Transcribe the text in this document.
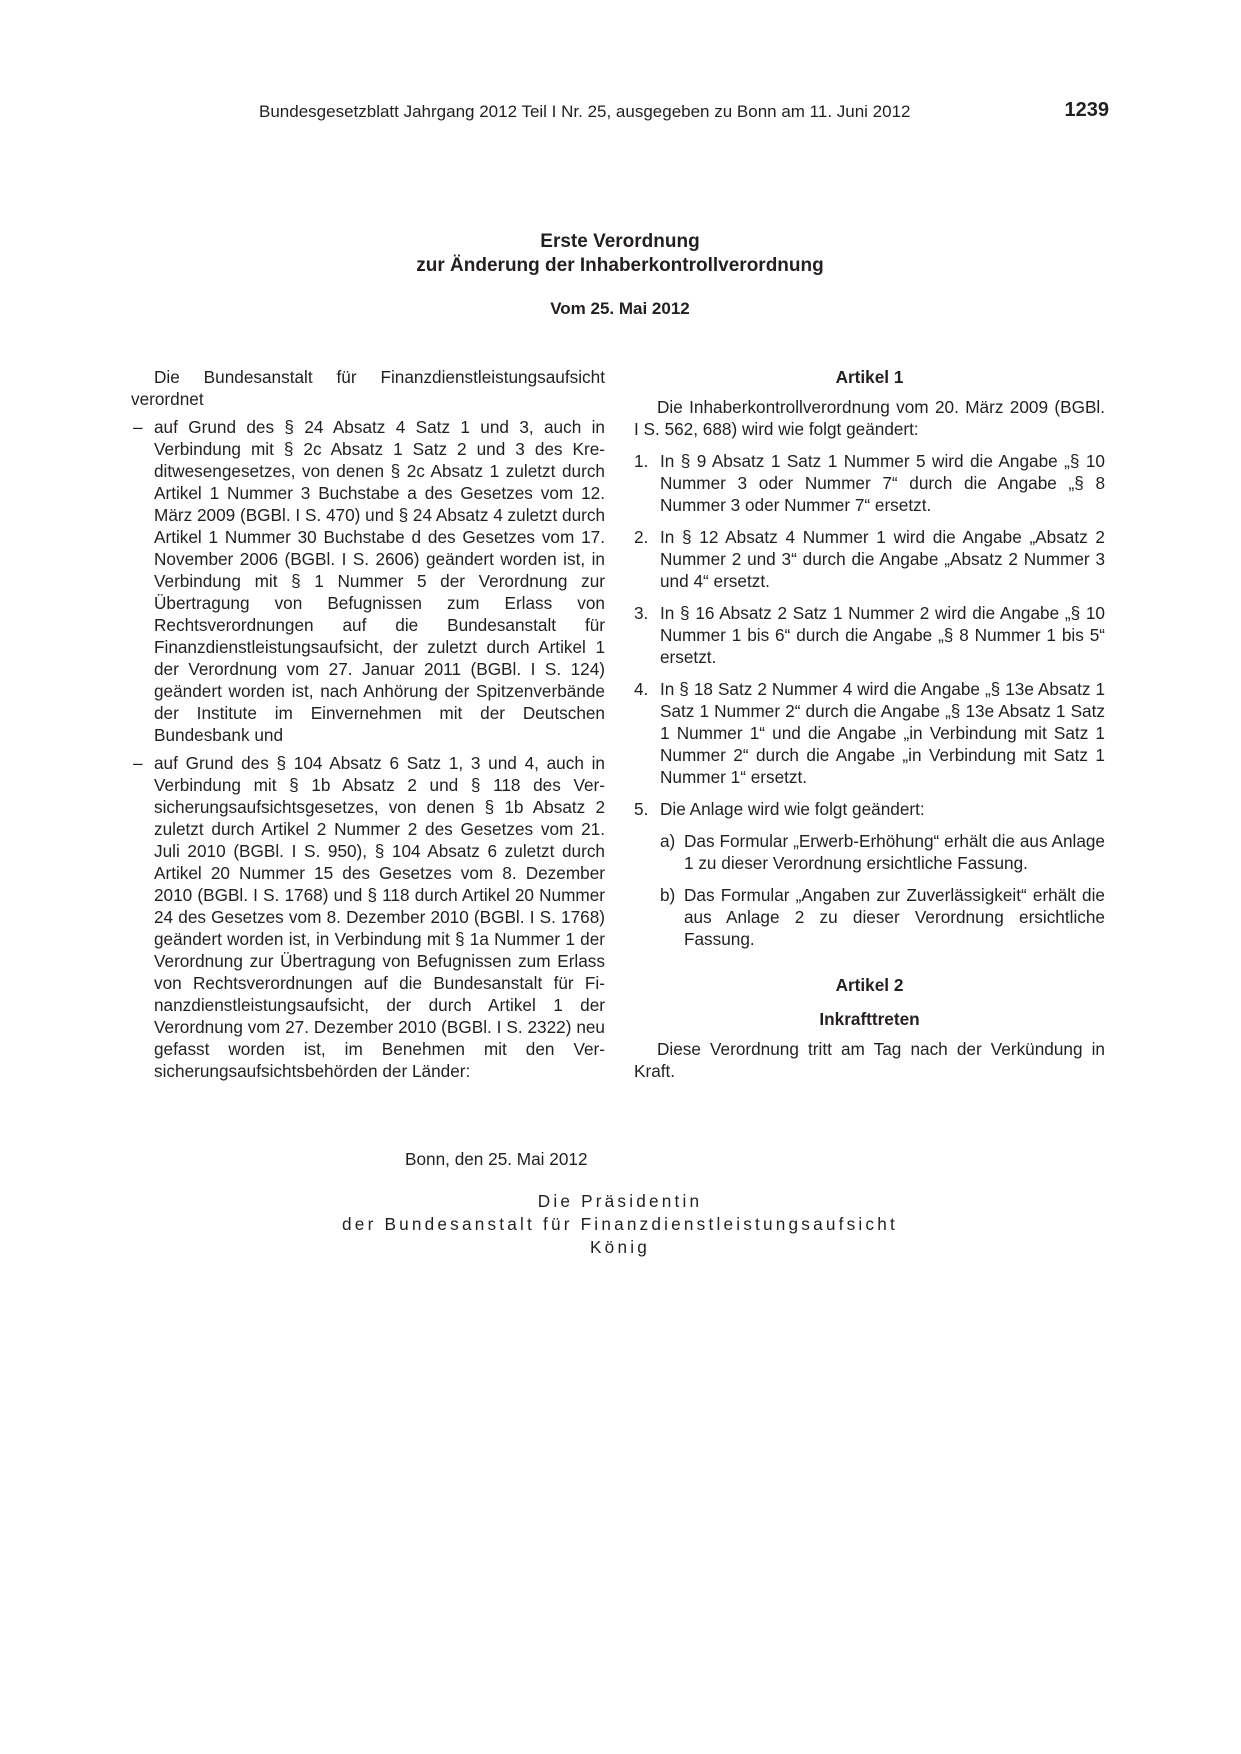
Bundesgesetzblatt Jahrgang 2012 Teil I Nr. 25, ausgegeben zu Bonn am 11. Juni 2012	1239
Erste Verordnung
zur Änderung der Inhaberkontrollverordnung
Vom 25. Mai 2012

Die Bundesanstalt für Finanzdienstleistungsaufsicht verordnet

– auf Grund des § 24 Absatz 4 Satz 1 und 3, auch in Verbindung mit § 2c Absatz 1 Satz 2 und 3 des Kreditwesengesetzes, von denen § 2c Absatz 1 zuletzt durch Artikel 1 Nummer 3 Buchstabe a des Gesetzes vom 12. März 2009 (BGBl. I S. 470) und § 24 Absatz 4 zuletzt durch Artikel 1 Nummer 30 Buchstabe d des Gesetzes vom 17. November 2006 (BGBl. I S. 2606) geändert worden ist, in Verbindung mit § 1 Nummer 5 der Verordnung zur Übertragung von Befugnissen zum Erlass von Rechtsverordnungen auf die Bundesanstalt für Finanzdienstleistungsaufsicht, der zuletzt durch Artikel 1 der Verordnung vom 27. Januar 2011 (BGBl. I S. 124) geändert worden ist, nach Anhörung der Spitzenverbände der Institute im Einvernehmen mit der Deutschen Bundesbank und
– auf Grund des § 104 Absatz 6 Satz 1, 3 und 4, auch in Verbindung mit § 1b Absatz 2 und § 118 des Versicherungsaufsichtsgesetzes, von denen § 1b Absatz 2 zuletzt durch Artikel 2 Nummer 2 des Gesetzes vom 21. Juli 2010 (BGBl. I S. 950), § 104 Absatz 6 zuletzt durch Artikel 20 Nummer 15 des Gesetzes vom 8. Dezember 2010 (BGBl. I S. 1768) und § 118 durch Artikel 20 Nummer 24 des Gesetzes vom 8. Dezember 2010 (BGBl. I S. 1768) geändert worden ist, in Verbindung mit § 1a Nummer 1 der Verordnung zur Übertragung von Befugnissen zum Erlass von Rechtsverordnungen auf die Bundesanstalt für Finanzdienstleistungsaufsicht, der durch Artikel 1 der Verordnung vom 27. Dezember 2010 (BGBl. I S. 2322) neu gefasst worden ist, im Benehmen mit den Versicherungsaufsichtsbehörden der Länder:
Artikel 1

Die Inhaberkontrollverordnung vom 20. März 2009 (BGBl. I S. 562, 688) wird wie folgt geändert:

1. In § 9 Absatz 1 Satz 1 Nummer 5 wird die Angabe „§ 10 Nummer 3 oder Nummer 7“ durch die Angabe „§ 8 Nummer 3 oder Nummer 7“ ersetzt.
2. In § 12 Absatz 4 Nummer 1 wird die Angabe „Absatz 2 Nummer 2 und 3“ durch die Angabe „Absatz 2 Nummer 3 und 4“ ersetzt.
3. In § 16 Absatz 2 Satz 1 Nummer 2 wird die Angabe „§ 10 Nummer 1 bis 6“ durch die Angabe „§ 8 Nummer 1 bis 5“ ersetzt.
4. In § 18 Satz 2 Nummer 4 wird die Angabe „§ 13e Absatz 1 Satz 1 Nummer 2“ durch die Angabe „§ 13e Absatz 1 Satz 1 Nummer 1“ und die Angabe „in Verbindung mit Satz 1 Nummer 2“ durch die Angabe „in Verbindung mit Satz 1 Nummer 1“ ersetzt.
5. Die Anlage wird wie folgt geändert:
a) Das Formular „Erwerb-Erhöhung“ erhält die aus Anlage 1 zu dieser Verordnung ersichtliche Fassung.
b) Das Formular „Angaben zur Zuverlässigkeit“ erhält die aus Anlage 2 zu dieser Verordnung ersichtliche Fassung.
Artikel 2
Inkrafttreten

Diese Verordnung tritt am Tag nach der Verkündung in Kraft.

Bonn, den 25. Mai 2012
Die Präsidentin
der Bundesanstalt für Finanzdienstleistungsaufsicht
König
